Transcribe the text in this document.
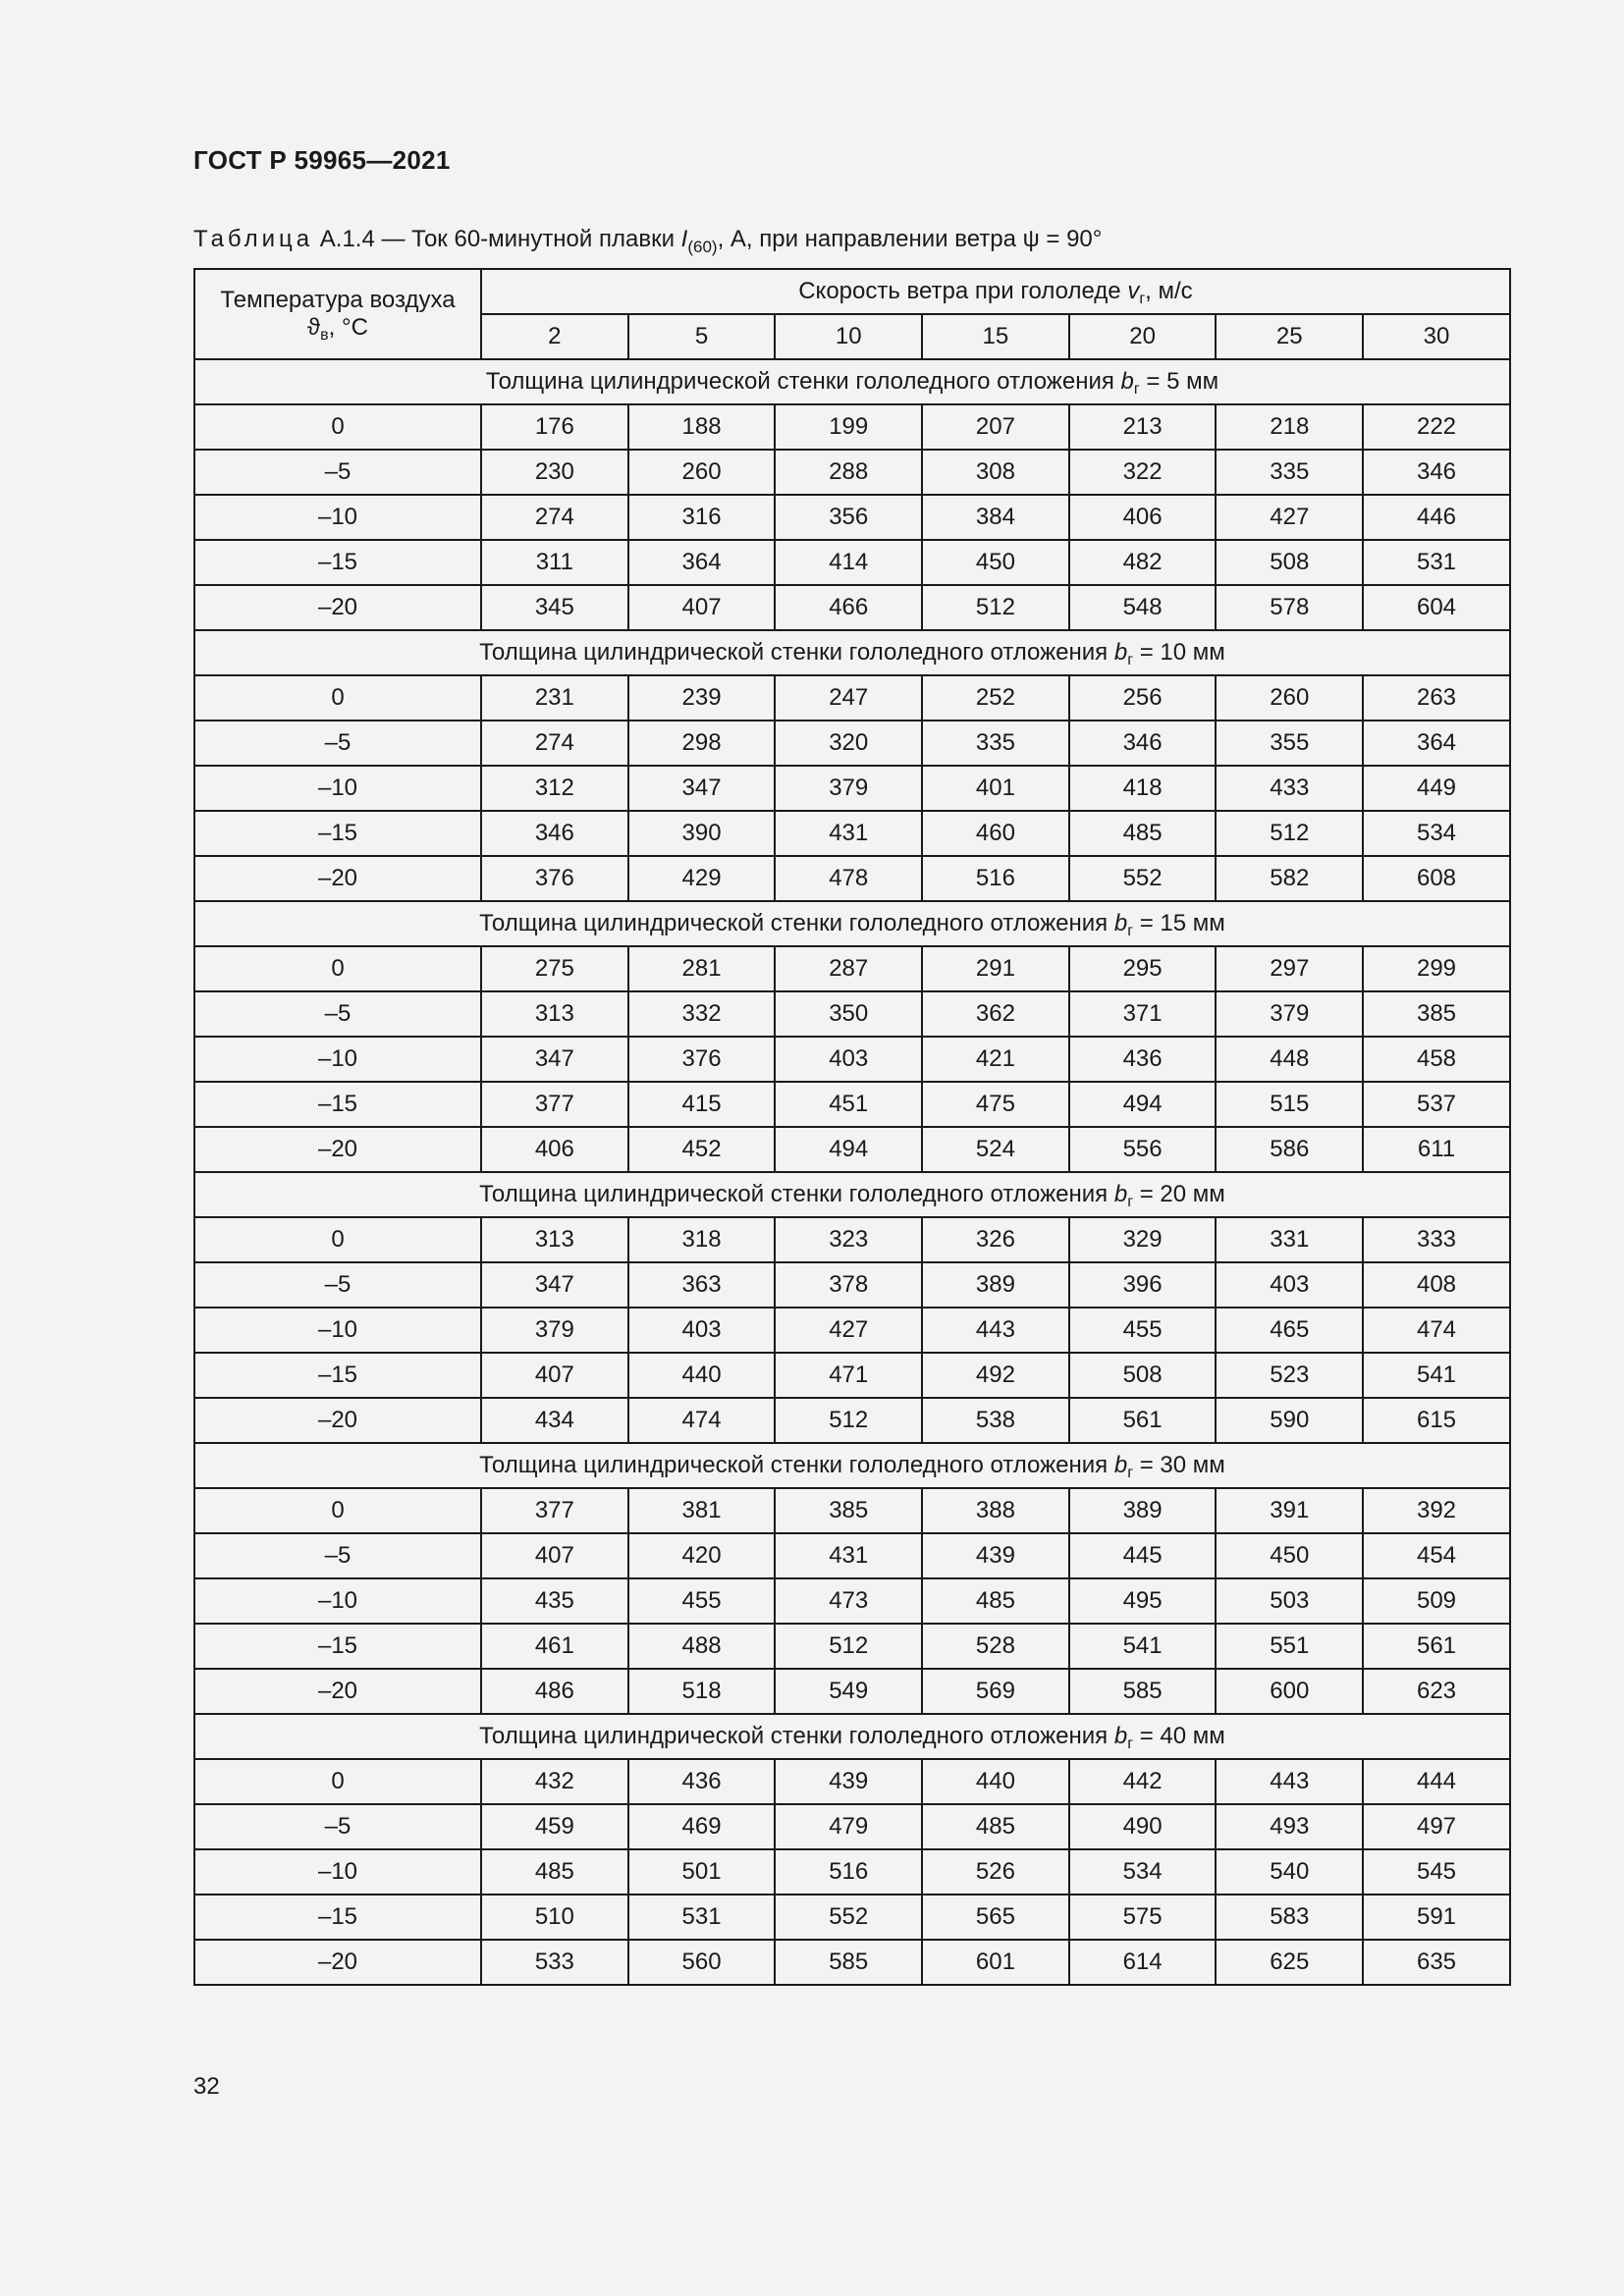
ГОСТ Р 59965—2021
Таблица А.1.4 — Ток 60-минутной плавки $I_{(60)}$, А, при направлении ветра ψ = 90°
Температура воздуха
$ϑ_в$, °С	Скорость ветра при гололеде $v_г$, м/с						
	2	5	10	15	20	25	30
Толщина цилиндрической стенки гололедного отложения $b_г = 5$ мм							
0	176	188	199	207	213	218	222
–5	230	260	288	308	322	335	346
–10	274	316	356	384	406	427	446
–15	311	364	414	450	482	508	531
–20	345	407	466	512	548	578	604
Толщина цилиндрической стенки гололедного отложения $b_г = 10$ мм							
0	231	239	247	252	256	260	263
–5	274	298	320	335	346	355	364
–10	312	347	379	401	418	433	449
–15	346	390	431	460	485	512	534
–20	376	429	478	516	552	582	608
Толщина цилиндрической стенки гололедного отложения $b_г = 15$ мм							
0	275	281	287	291	295	297	299
–5	313	332	350	362	371	379	385
–10	347	376	403	421	436	448	458
–15	377	415	451	475	494	515	537
–20	406	452	494	524	556	586	611
Толщина цилиндрической стенки гололедного отложения $b_г = 20$ мм							
0	313	318	323	326	329	331	333
–5	347	363	378	389	396	403	408
–10	379	403	427	443	455	465	474
–15	407	440	471	492	508	523	541
–20	434	474	512	538	561	590	615
Толщина цилиндрической стенки гололедного отложения $b_г = 30$ мм							
0	377	381	385	388	389	391	392
–5	407	420	431	439	445	450	454
–10	435	455	473	485	495	503	509
–15	461	488	512	528	541	551	561
–20	486	518	549	569	585	600	623
Толщина цилиндрической стенки гололедного отложения $b_г = 40$ мм							
0	432	436	439	440	442	443	444
–5	459	469	479	485	490	493	497
–10	485	501	516	526	534	540	545
–15	510	531	552	565	575	583	591
–20	533	560	585	601	614	625	635
32
